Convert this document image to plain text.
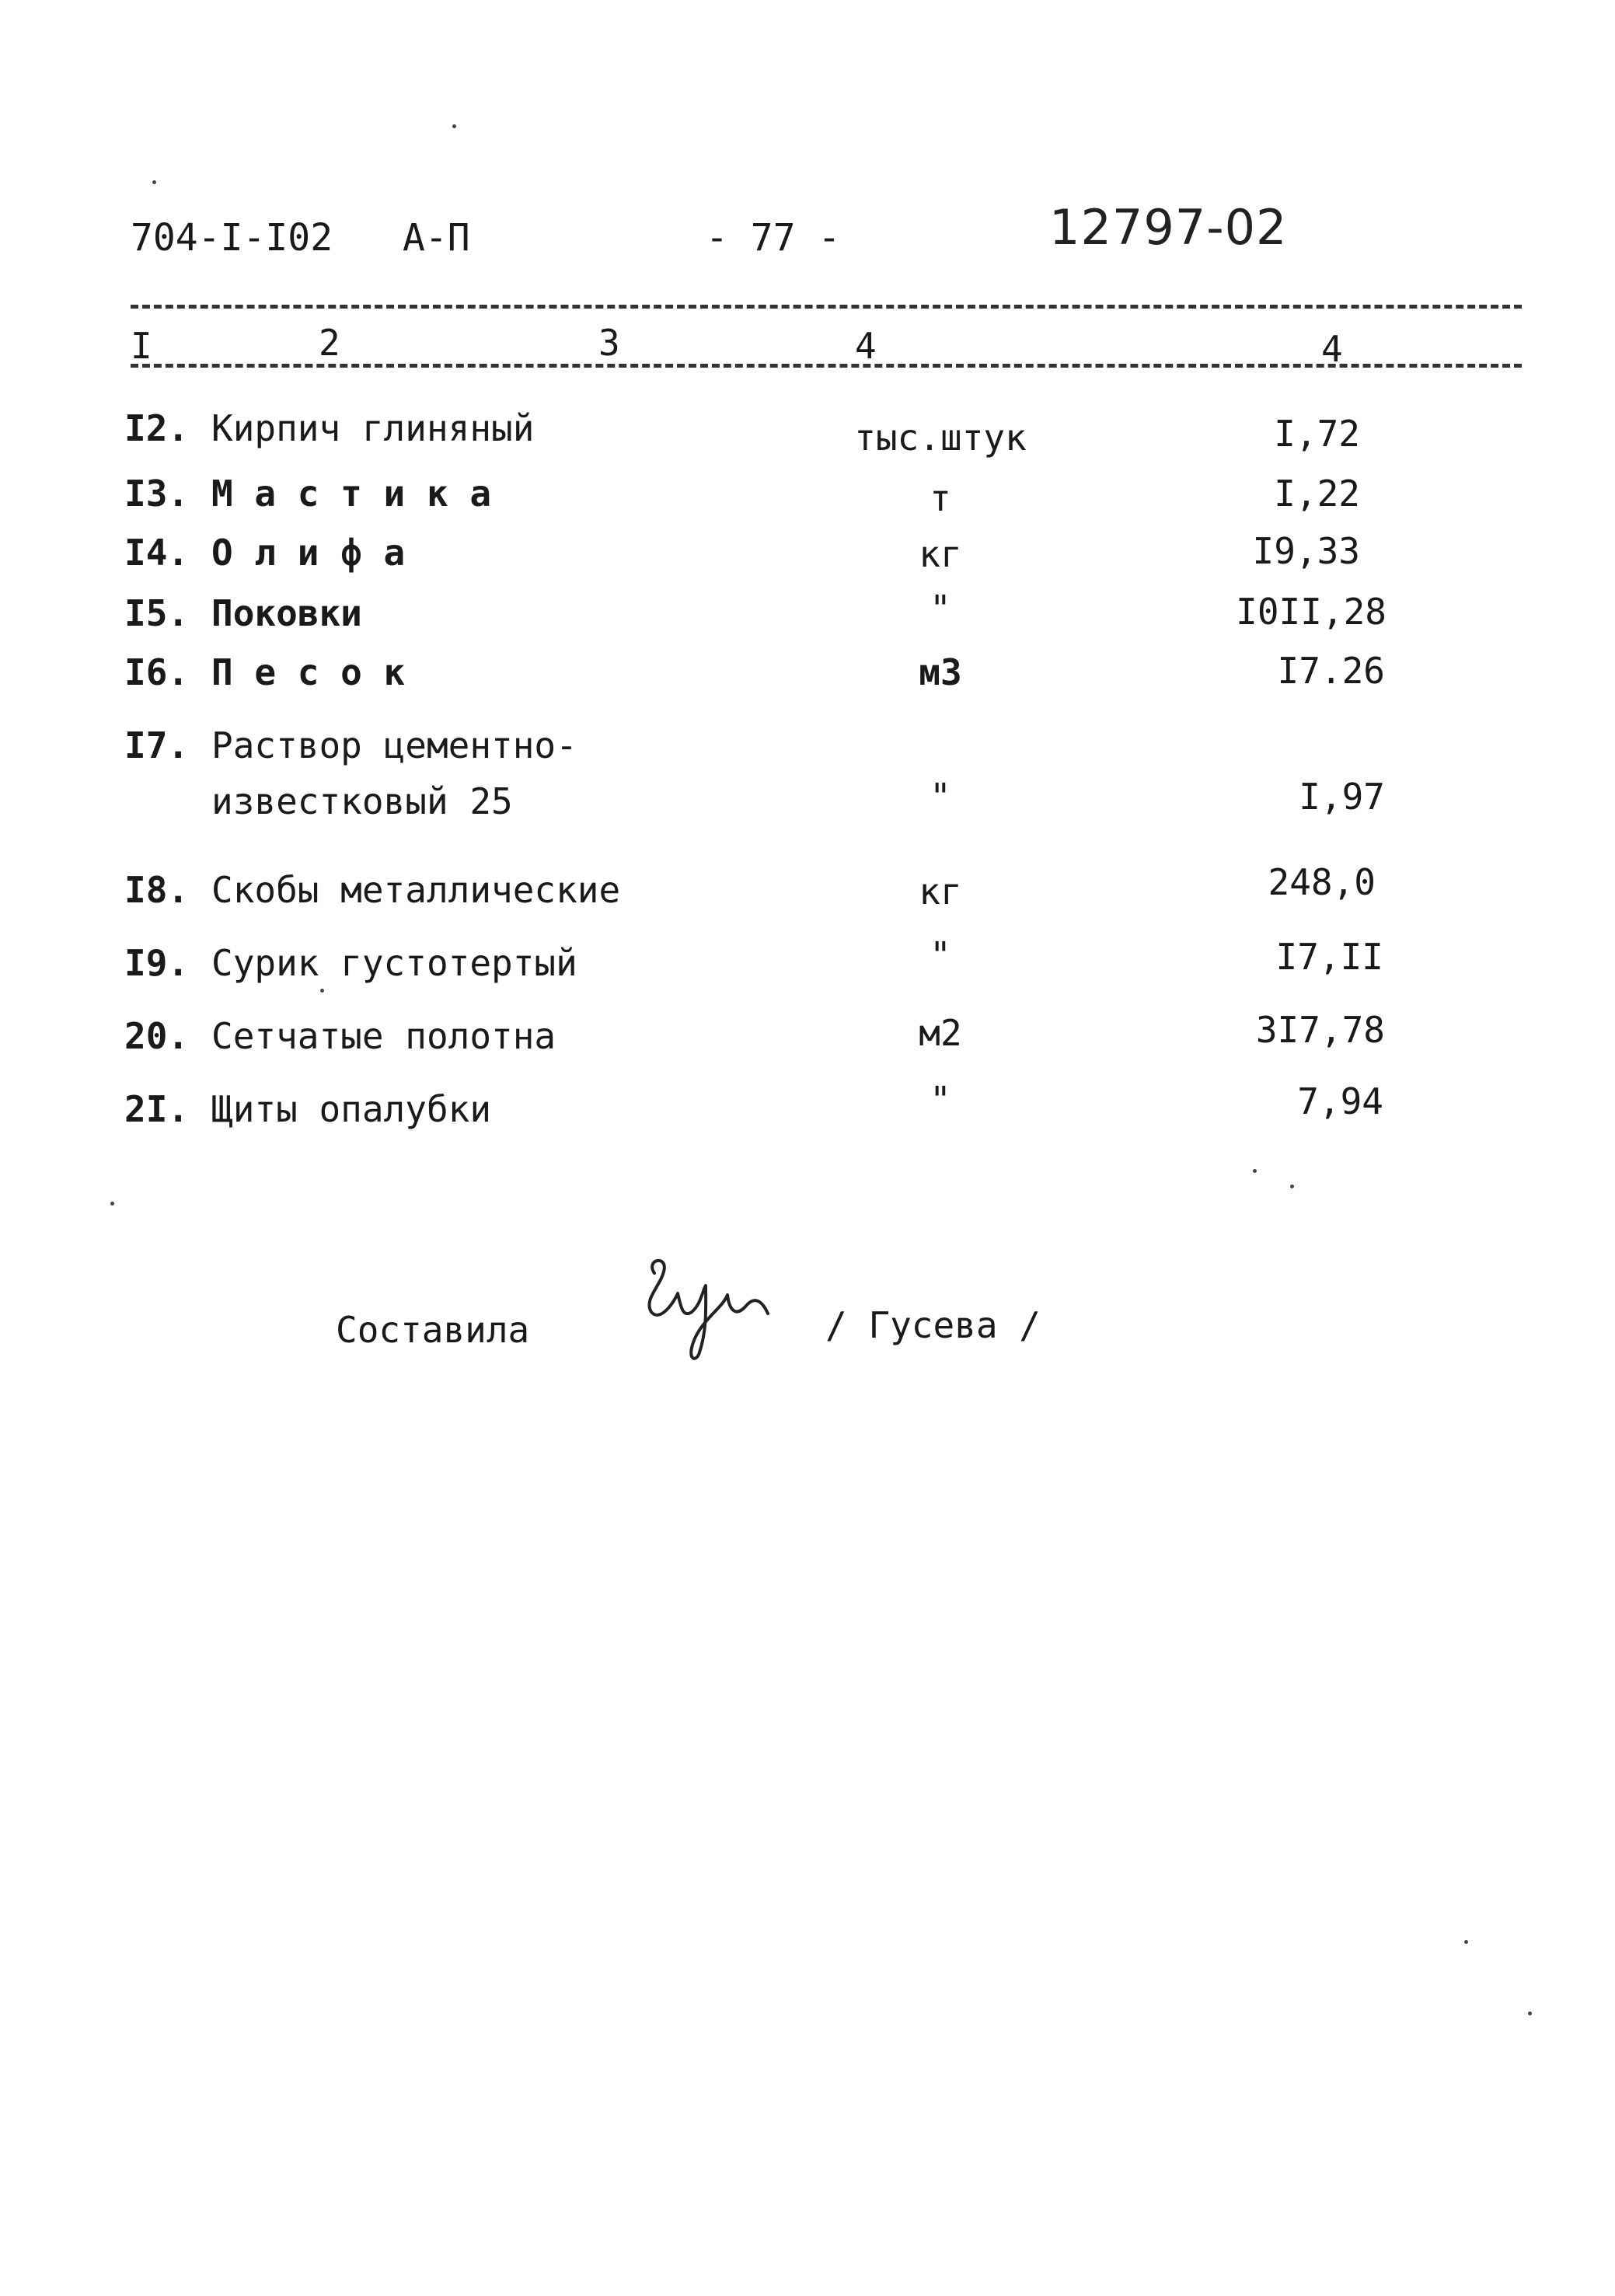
704-I-I02 А-П	- 77 -	12797-02
I	2	3	4	4
I2. Кирпич глиняный	тыс.штук	I,72
I3. М а с т и к а	т	I,22
I4. О л и ф а	кг	I9,33
I5. Поковки	"	I0II,28
I6. П е с о к	м3	I7.26
I7. Раствор цементно-
известковый 25	"	I,97
I8. Скобы металлические	кг	248,0
I9. Сурик густотертый	"	I7,II
20. Сетчатые полотна	м2	3I7,78
2I. Щиты опалубки	"	7,94
Составила	/ Гусева /
